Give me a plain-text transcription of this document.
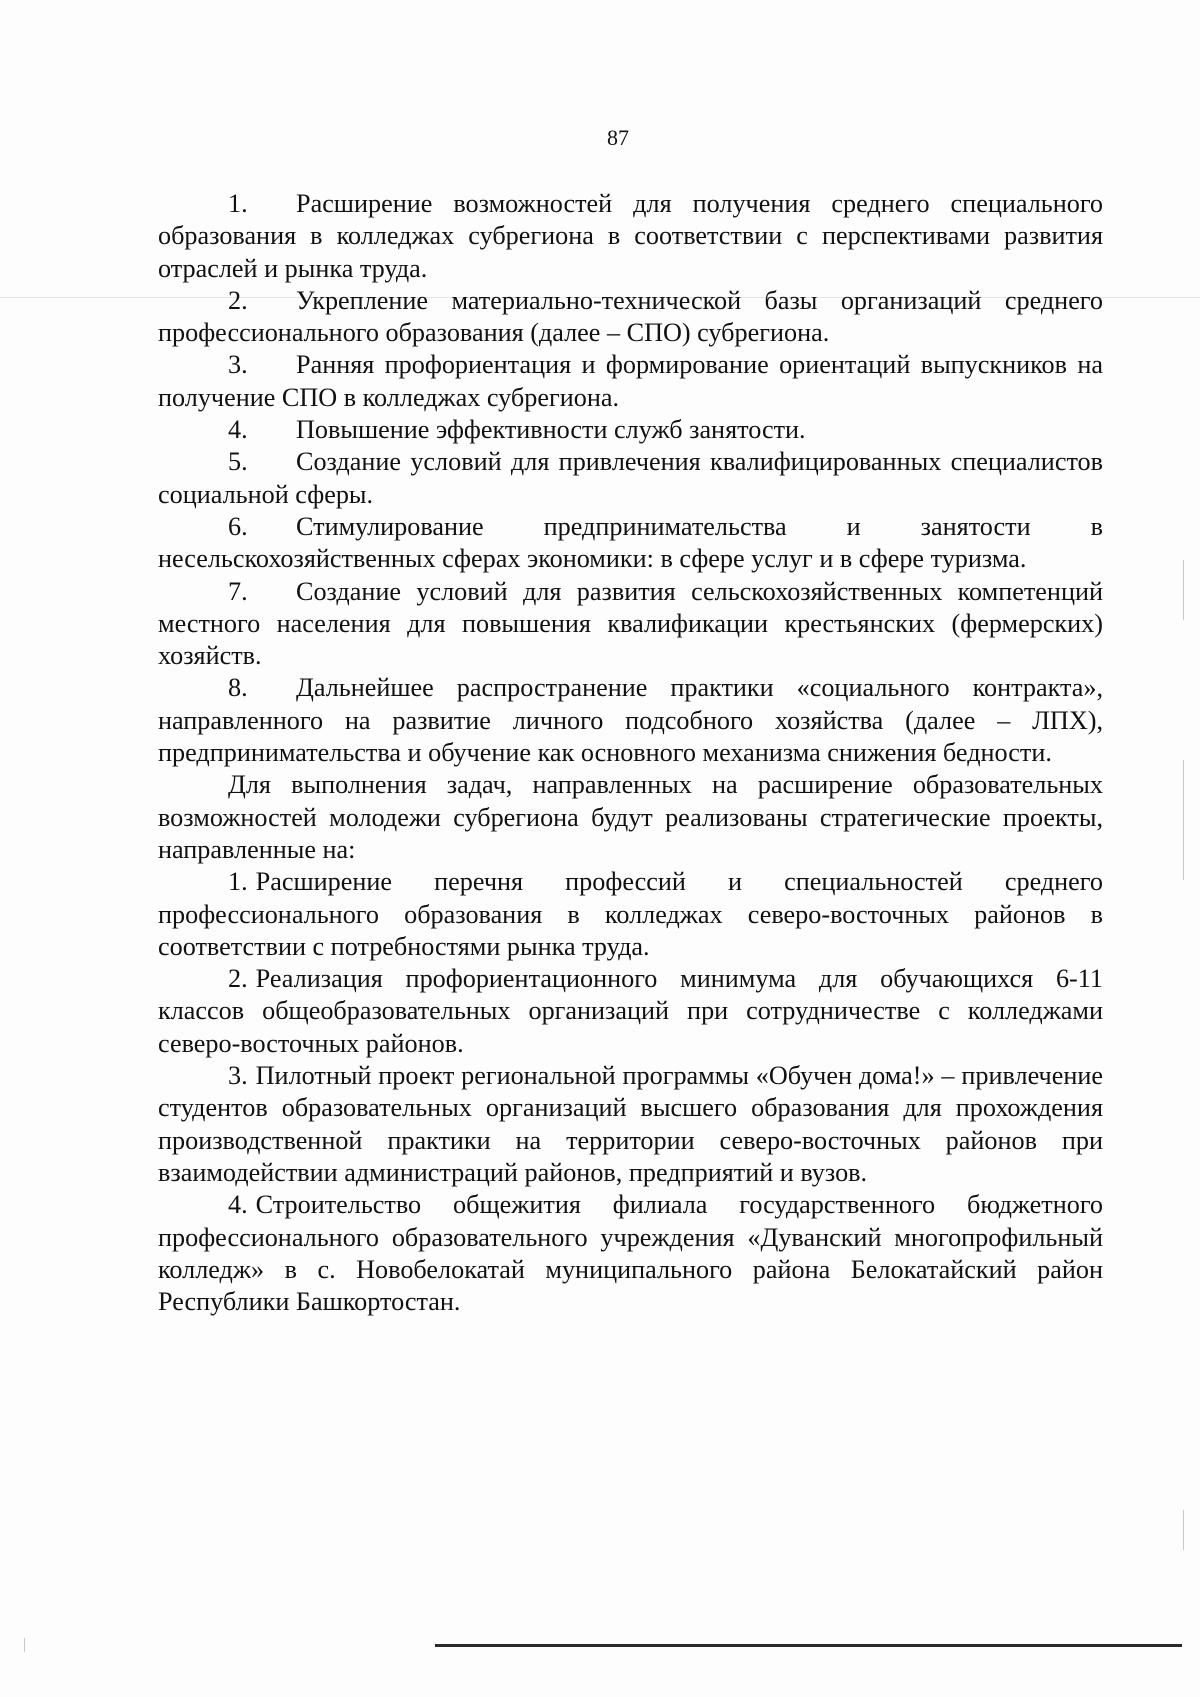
87

1. Расширение возможностей для получения среднего специального образования в колледжах субрегиона в соответствии с перспективами развития отраслей и рынка труда.

2. Укрепление материально-технической базы организаций среднего профессионального образования (далее – СПО) субрегиона.

3. Ранняя профориентация и формирование ориентаций выпускников на получение СПО в колледжах субрегиона.

4. Повышение эффективности служб занятости.

5. Создание условий для привлечения квалифицированных специалистов социальной сферы.

6. Стимулирование предпринимательства и занятости в несельскохозяйственных сферах экономики: в сфере услуг и в сфере туризма.

7. Создание условий для развития сельскохозяйственных компетенций местного населения для повышения квалификации крестьянских (фермерских) хозяйств.

8. Дальнейшее распространение практики «социального контракта», направленного на развитие личного подсобного хозяйства (далее – ЛПХ), предпринимательства и обучение как основного механизма снижения бедности.

Для выполнения задач, направленных на расширение образовательных возможностей молодежи субрегиона будут реализованы стратегические проекты, направленные на:

1. Расширение перечня профессий и специальностей среднего профессионального образования в колледжах северо-восточных районов в соответствии с потребностями рынка труда.

2. Реализация профориентационного минимума для обучающихся 6-11 классов общеобразовательных организаций при сотрудничестве с колледжами северо-восточных районов.

3. Пилотный проект региональной программы «Обучен дома!» – привлечение студентов образовательных организаций высшего образования для прохождения производственной практики на территории северо-восточных районов при взаимодействии администраций районов, предприятий и вузов.

4. Строительство общежития филиала государственного бюджетного профессионального образовательного учреждения «Дуванский многопрофильный колледж» в с. Новобелокатай муниципального района Белокатайский район Республики Башкортостан.
